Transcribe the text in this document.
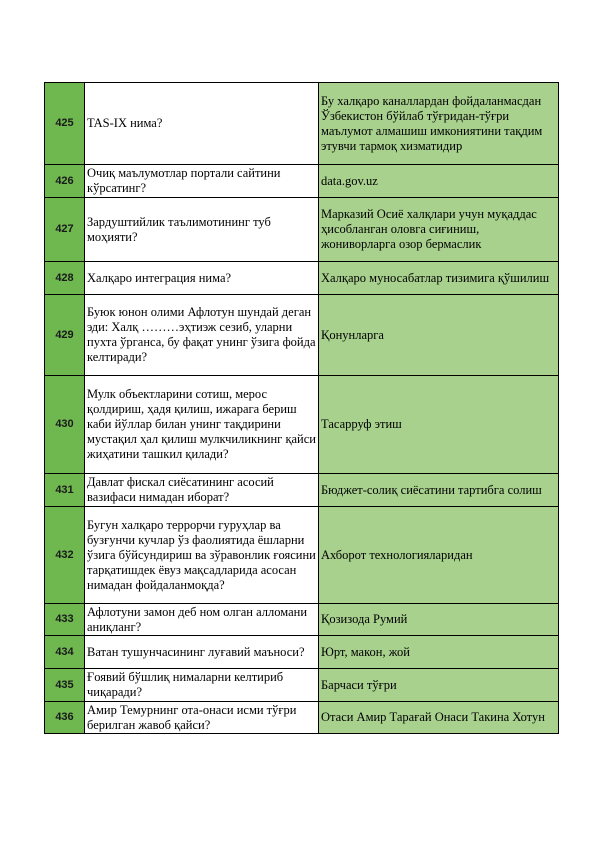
425	TAS-IX нима?	Бу халқаро каналлардан фойдаланмасдан Ўзбекистон бўйлаб тўғридан-тўғри маълумот алмашиш имкониятини тақдим этувчи тармоқ хизматидир
426	Очиқ маълумотлар портали сайтини кўрсатинг?	data.gov.uz
427	Зардуштийлик таълимотининг туб моҳияти?	Марказий Осиё халқлари учун муқаддас ҳисобланган оловга сиғиниш, жониворларга озор бермаслик
428	Халқаро интеграция нима?	Халқаро муносабатлар тизимига қўшилиш
429	Буюк юнон олими Афлотун шундай деган эди: Халқ ………эҳтиэж сезиб, уларни пухта ўрганса, бу фақат унинг ўзига фойда келтиради?	Қонунларга
430	Мулк объектларини сотиш, мерос қолдириш, ҳадя қилиш, ижарага бериш каби йўллар билан унинг тақдирини мустақил ҳал қилиш мулкчиликнинг қайси жиҳатини ташкил қилади?	Тасарруф этиш
431	Давлат фискал сиёсатининг асосий вазифаси нимадан иборат?	Бюджет-солиқ сиёсатини тартибга солиш
432	Бугун халқаро террорчи гуруҳлар ва бузғунчи кучлар ўз фаолиятида ёшларни ўзига бўйсундириш ва зўравонлик ғоясини тарқатишдек ёвуз мақсадларида асосан нимадан фойдаланмоқда?	Ахборот технологияларидан
433	Афлотуни замон деб ном олган алломани аниқланг?	Қозизода Румий
434	Ватан тушунчасининг луғавий маъноси?	Юрт, макон, жой
435	Ғоявий бўшлиқ нималарни келтириб чиқаради?	Барчаси тўғри
436	Амир Темурнинг ота-онаси исми тўғри берилган жавоб қайси?	Отаси Амир Тарағай Онаси Такина Хотун
